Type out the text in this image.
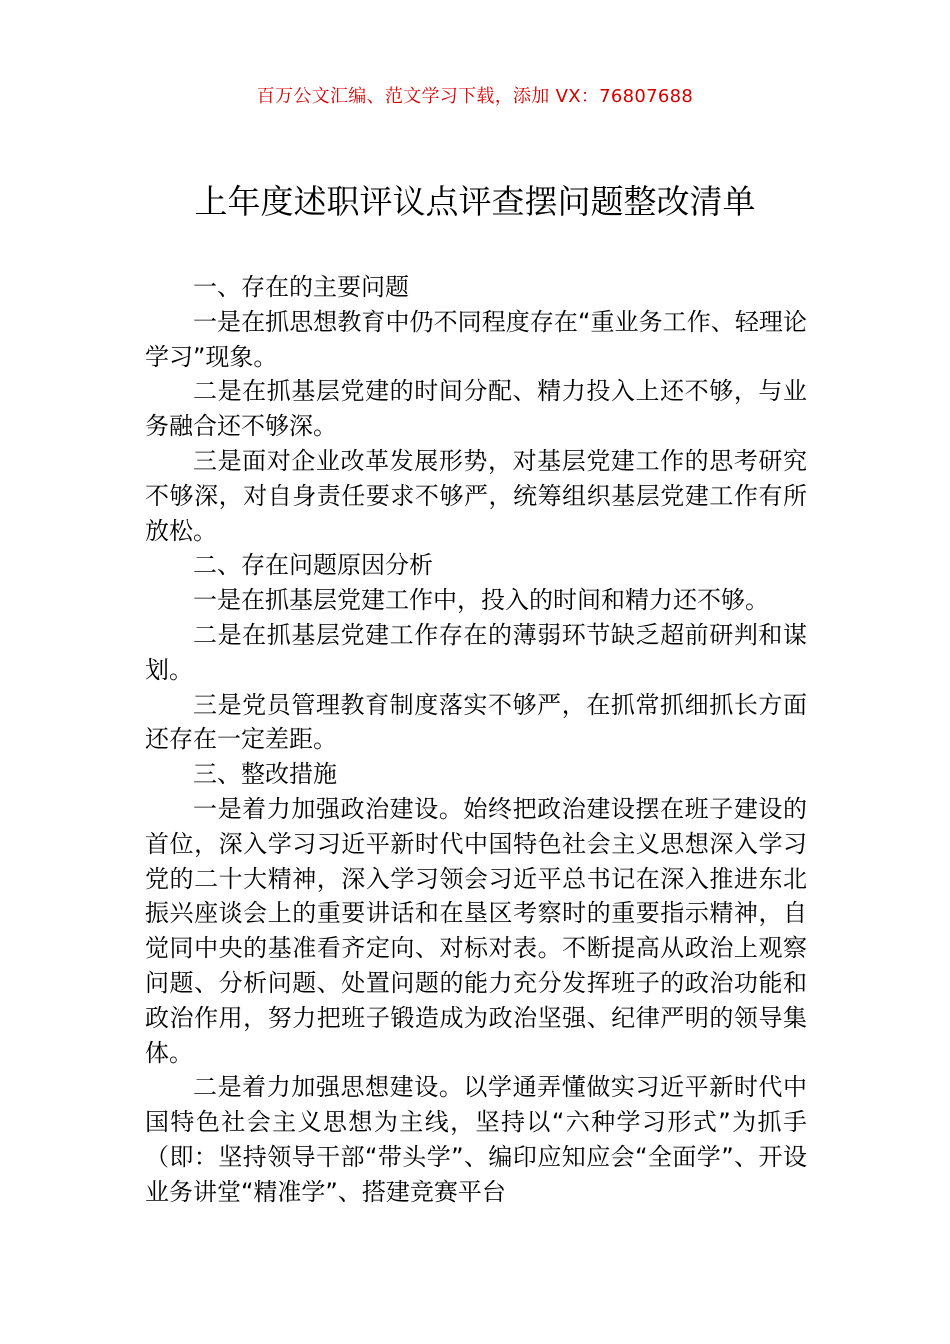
百万公文汇编、范文学习下载，添加 VX：76807688
上年度述职评议点评查摆问题整改清单

一、存在的主要问题

一是在抓思想教育中仍不同程度存在“重业务工作、轻理论学习”现象。

二是在抓基层党建的时间分配、精力投入上还不够，与业务融合还不够深。

三是面对企业改革发展形势，对基层党建工作的思考研究不够深，对自身责任要求不够严，统筹组织基层党建工作有所放松。

二、存在问题原因分析

一是在抓基层党建工作中，投入的时间和精力还不够。

二是在抓基层党建工作存在的薄弱环节缺乏超前研判和谋划。

三是党员管理教育制度落实不够严，在抓常抓细抓长方面还存在一定差距。

三、整改措施

一是着力加强政治建设。始终把政治建设摆在班子建设的首位，深入学习习近平新时代中国特色社会主义思想深入学习党的二十大精神，深入学习领会习近平总书记在深入推进东北振兴座谈会上的重要讲话和在垦区考察时的重要指示精神，自觉同中央的基准看齐定向、对标对表。不断提高从政治上观察问题、分析问题、处置问题的能力充分发挥班子的政治功能和政治作用，努力把班子锻造成为政治坚强、纪律严明的领导集体。

二是着力加强思想建设。以学通弄懂做实习近平新时代中国特色社会主义思想为主线，坚持以“六种学习形式”为抓手（即：坚持领导干部“带头学”、编印应知应会“全面学”、开设业务讲堂“精准学”、搭建竞赛平台
